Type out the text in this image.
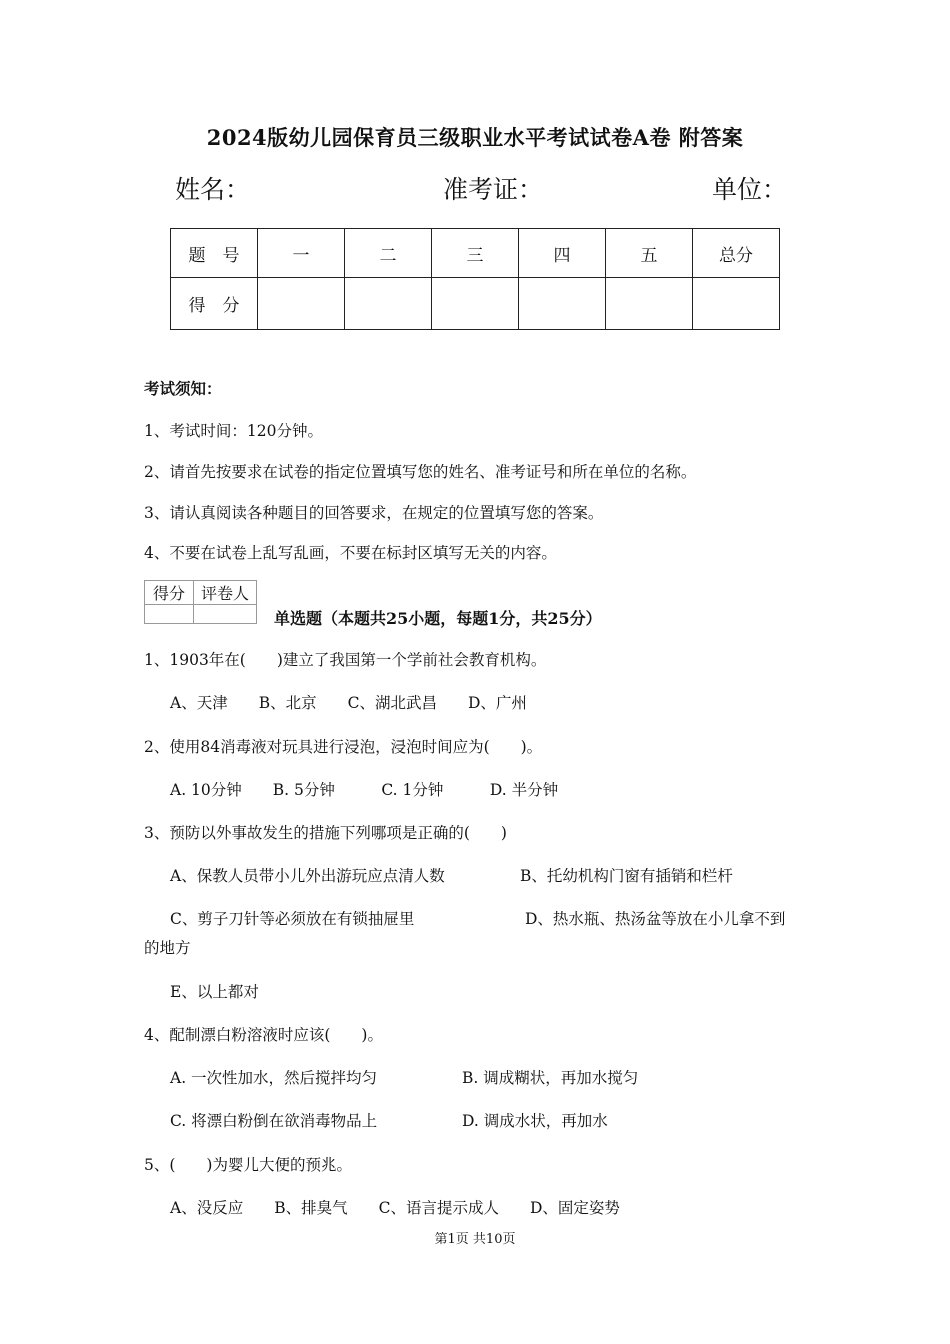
2024版幼儿园保育员三级职业水平考试试卷A卷 附答案
姓名：	准考证：	单位：
题　号	一	二	三	四	五	总分
得　分						
考试须知：
1、考试时间：120分钟。
2、请首先按要求在试卷的指定位置填写您的姓名、准考证号和所在单位的名称。
3、请认真阅读各种题目的回答要求，在规定的位置填写您的答案。
4、不要在试卷上乱写乱画，不要在标封区填写无关的内容。
得分	评卷人

单选题（本题共25小题，每题1分，共25分）
1、1903年在(　　)建立了我国第一个学前社会教育机构。
A、天津　　B、北京　　C、湖北武昌　　D、广州
2、使用84消毒液对玩具进行浸泡，浸泡时间应为(　　)。
A. 10分钟　　B. 5分钟　　　C. 1分钟　　　D. 半分钟
3、预防以外事故发生的措施下列哪项是正确的(　　)
A、保教人员带小儿外出游玩应点清人数	B、托幼机构门窗有插销和栏杆
C、剪子刀针等必须放在有锁抽屉里	D、热水瓶、热汤盆等放在小儿拿不到
的地方
E、以上都对
4、配制漂白粉溶液时应该(　　)。
A. 一次性加水，然后搅拌均匀	B. 调成糊状，再加水搅匀
C. 将漂白粉倒在欲消毒物品上	D. 调成水状，再加水
5、(　　)为婴儿大便的预兆。
A、没反应　　B、排臭气　　C、语言提示成人　　D、固定姿势
第1页 共10页
